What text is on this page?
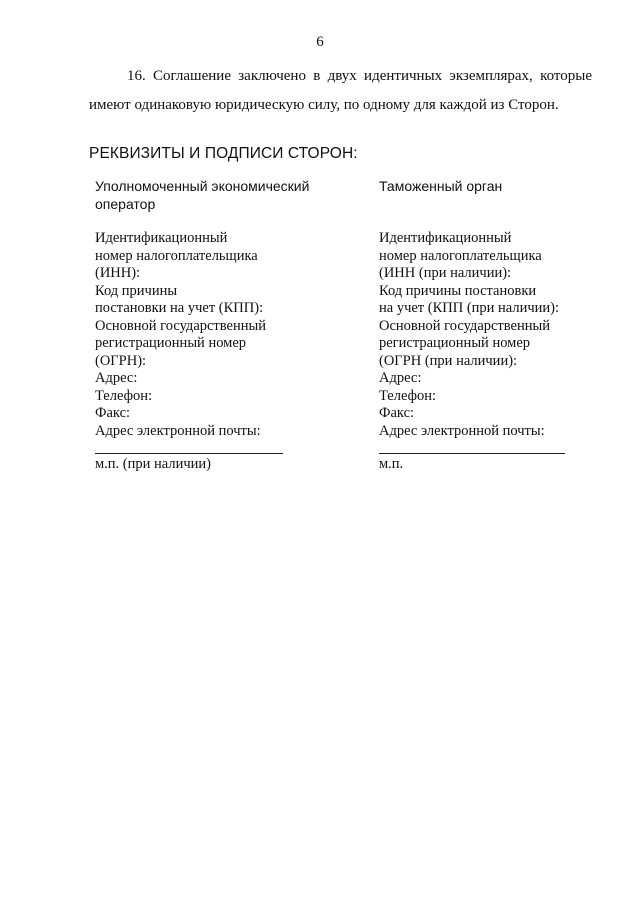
6
16. Соглашение заключено в двух идентичных экземплярах, которые имеют одинаковую юридическую силу, по одному для каждой из Сторон.
РЕКВИЗИТЫ И ПОДПИСИ СТОРОН:
Уполномоченный экономический
оператор
Идентификационный
номер налогоплательщика
(ИНН):
Код причины
постановки на учет (КПП):
Основной государственный
регистрационный номер
(ОГРН):
Адрес:
Телефон:
Факс:
Адрес электронной почты:
Таможенный орган
Идентификационный
номер налогоплательщика
(ИНН (при наличии):
Код причины постановки
на учет (КПП (при наличии):
Основной государственный
регистрационный номер
(ОГРН (при наличии):
Адрес:
Телефон:
Факс:
Адрес электронной почты:
м.п. (при наличии)	м.п.
